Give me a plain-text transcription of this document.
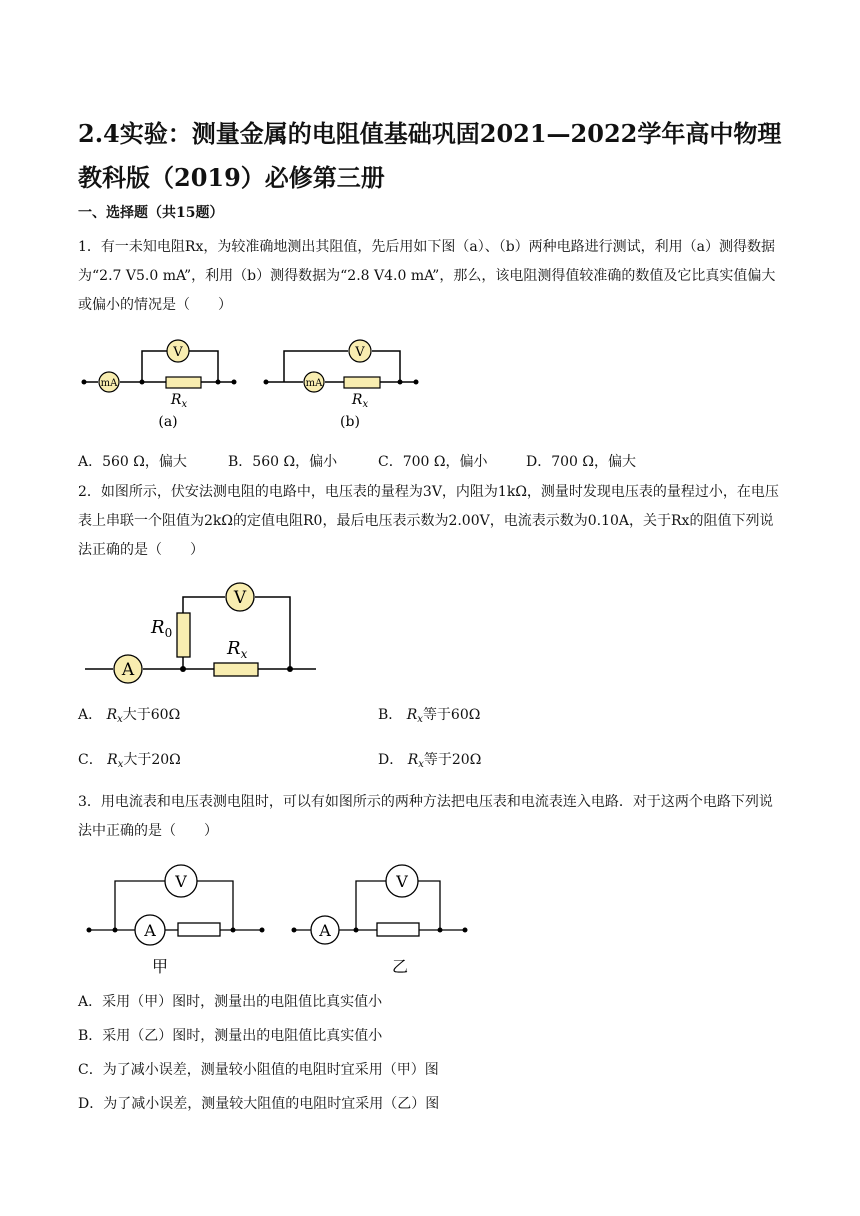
2.4实验：测量金属的电阻值基础巩固2021—2022学年高中物理教科版（2019）必修第三册
一、选择题（共15题）

1．有一未知电阻Rx，为较准确地测出其阻值，先后用如下图（a）、（b）两种电路进行测试，利用（a）测得数据为“2.7 V5.0 mA”，利用（b）测得数据为“2.8 V4.0 mA”，那么，该电阻测得值较准确的数值及它比真实值偏大或偏小的情况是（　　）

mA
V
$R_x$
(a)
mA
V
$R_x$
(b)
A．560 Ω，偏大	B．560 Ω，偏小	C．700 Ω，偏小	D．700 Ω，偏大

2．如图所示，伏安法测电阻的电路中，电压表的量程为3V，内阻为1kΩ，测量时发现电压表的量程过小，在电压表上串联一个阻值为2kΩ的定值电阻R0，最后电压表示数为2.00V，电流表示数为0.10A，关于Rx的阻值下列说法正确的是（　　）

A
V
$R_0$
$R_x$
A． $R_x$大于60Ω	B． $R_x$等于60Ω
C． $R_x$大于20Ω	D． $R_x$等于20Ω

3．用电流表和电压表测电阻时，可以有如图所示的两种方法把电压表和电流表连入电路．对于这两个电路下列说法中正确的是（　　）

A
V
甲
A
V
乙
A．采用（甲）图时，测量出的电阻值比真实值小
B．采用（乙）图时，测量出的电阻值比真实值小
C．为了减小误差，测量较小阻值的电阻时宜采用（甲）图
D．为了减小误差，测量较大阻值的电阻时宜采用（乙）图
